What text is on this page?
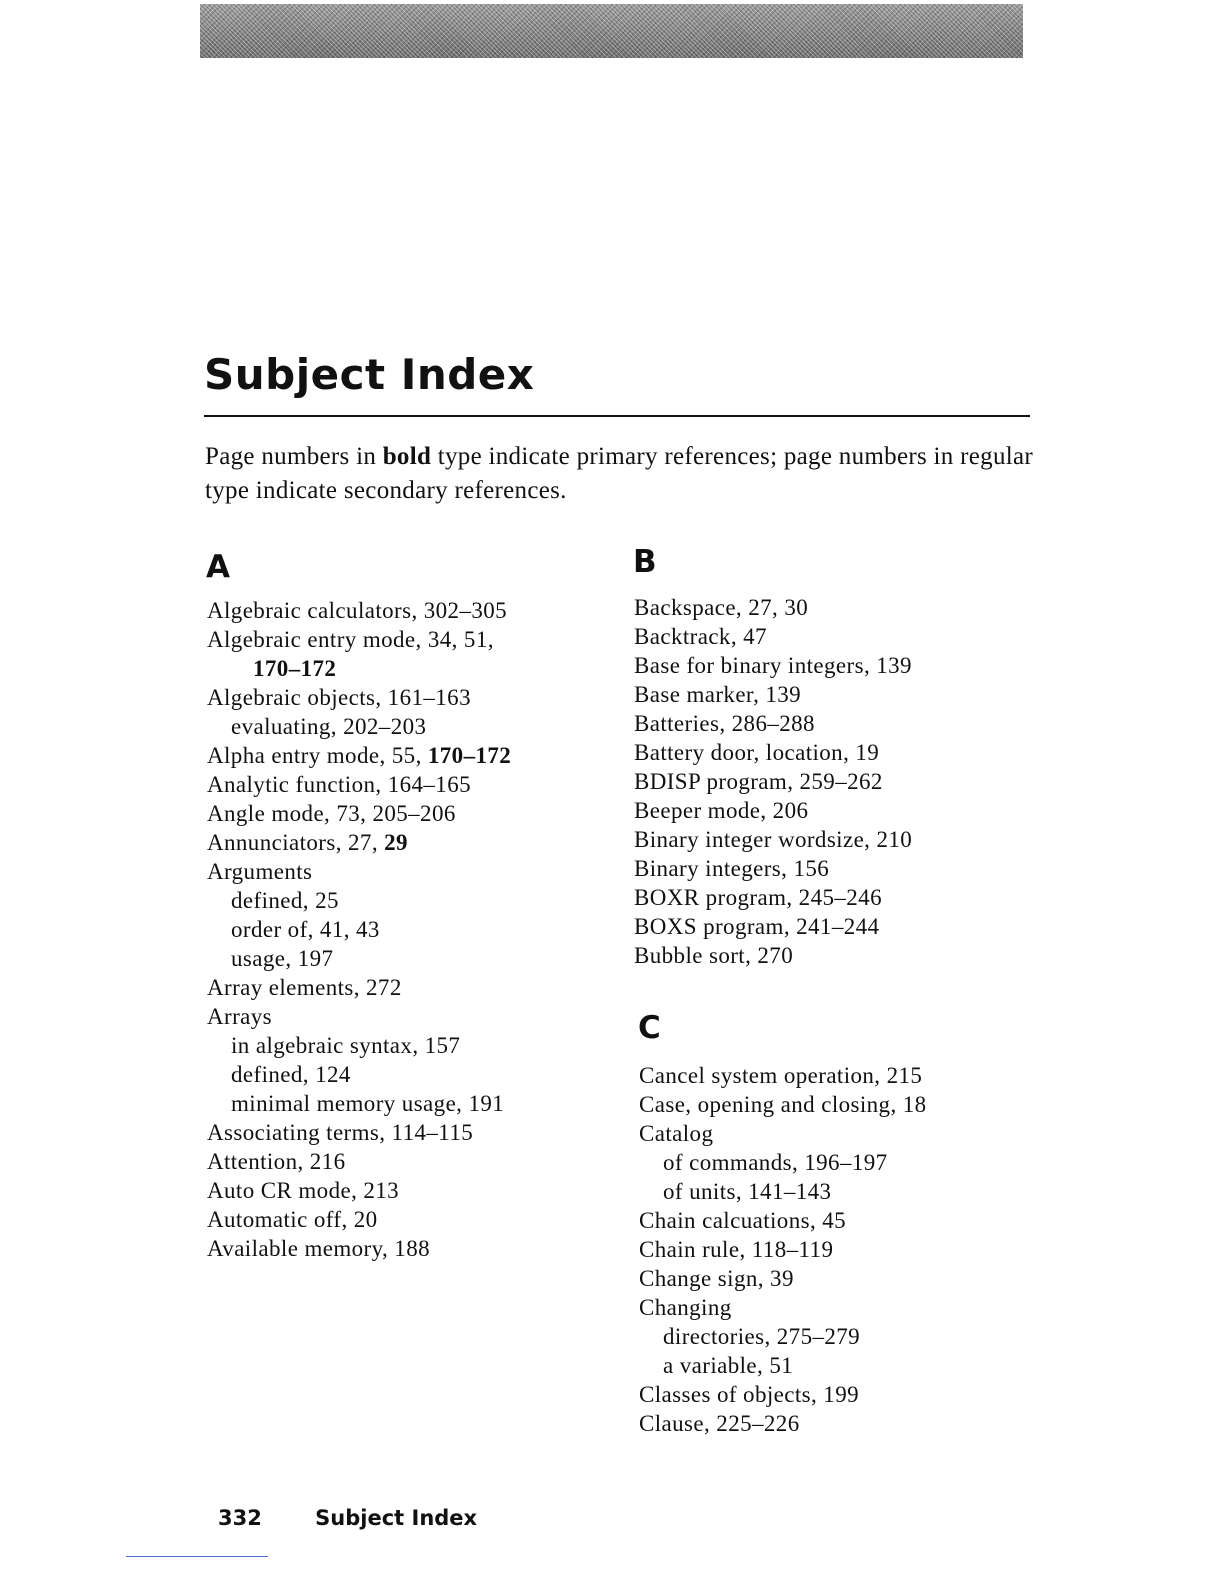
Subject Index

Page numbers in bold type indicate primary references; page numbers in regular type indicate secondary references.

A
Algebraic calculators, 302–305
Algebraic entry mode, 34, 51,
170–172
Algebraic objects, 161–163
evaluating, 202–203
Alpha entry mode, 55, 170–172
Analytic function, 164–165
Angle mode, 73, 205–206
Annunciators, 27, 29
Arguments
defined, 25
order of, 41, 43
usage, 197
Array elements, 272
Arrays
in algebraic syntax, 157
defined, 124
minimal memory usage, 191
Associating terms, 114–115
Attention, 216
Auto CR mode, 213
Automatic off, 20
Available memory, 188
B
Backspace, 27, 30
Backtrack, 47
Base for binary integers, 139
Base marker, 139
Batteries, 286–288
Battery door, location, 19
BDISP program, 259–262
Beeper mode, 206
Binary integer wordsize, 210
Binary integers, 156
BOXR program, 245–246
BOXS program, 241–244
Bubble sort, 270
C
Cancel system operation, 215
Case, opening and closing, 18
Catalog
of commands, 196–197
of units, 141–143
Chain calcuations, 45
Chain rule, 118–119
Change sign, 39
Changing
directories, 275–279
a variable, 51
Classes of objects, 199
Clause, 225–226
332	Subject Index
